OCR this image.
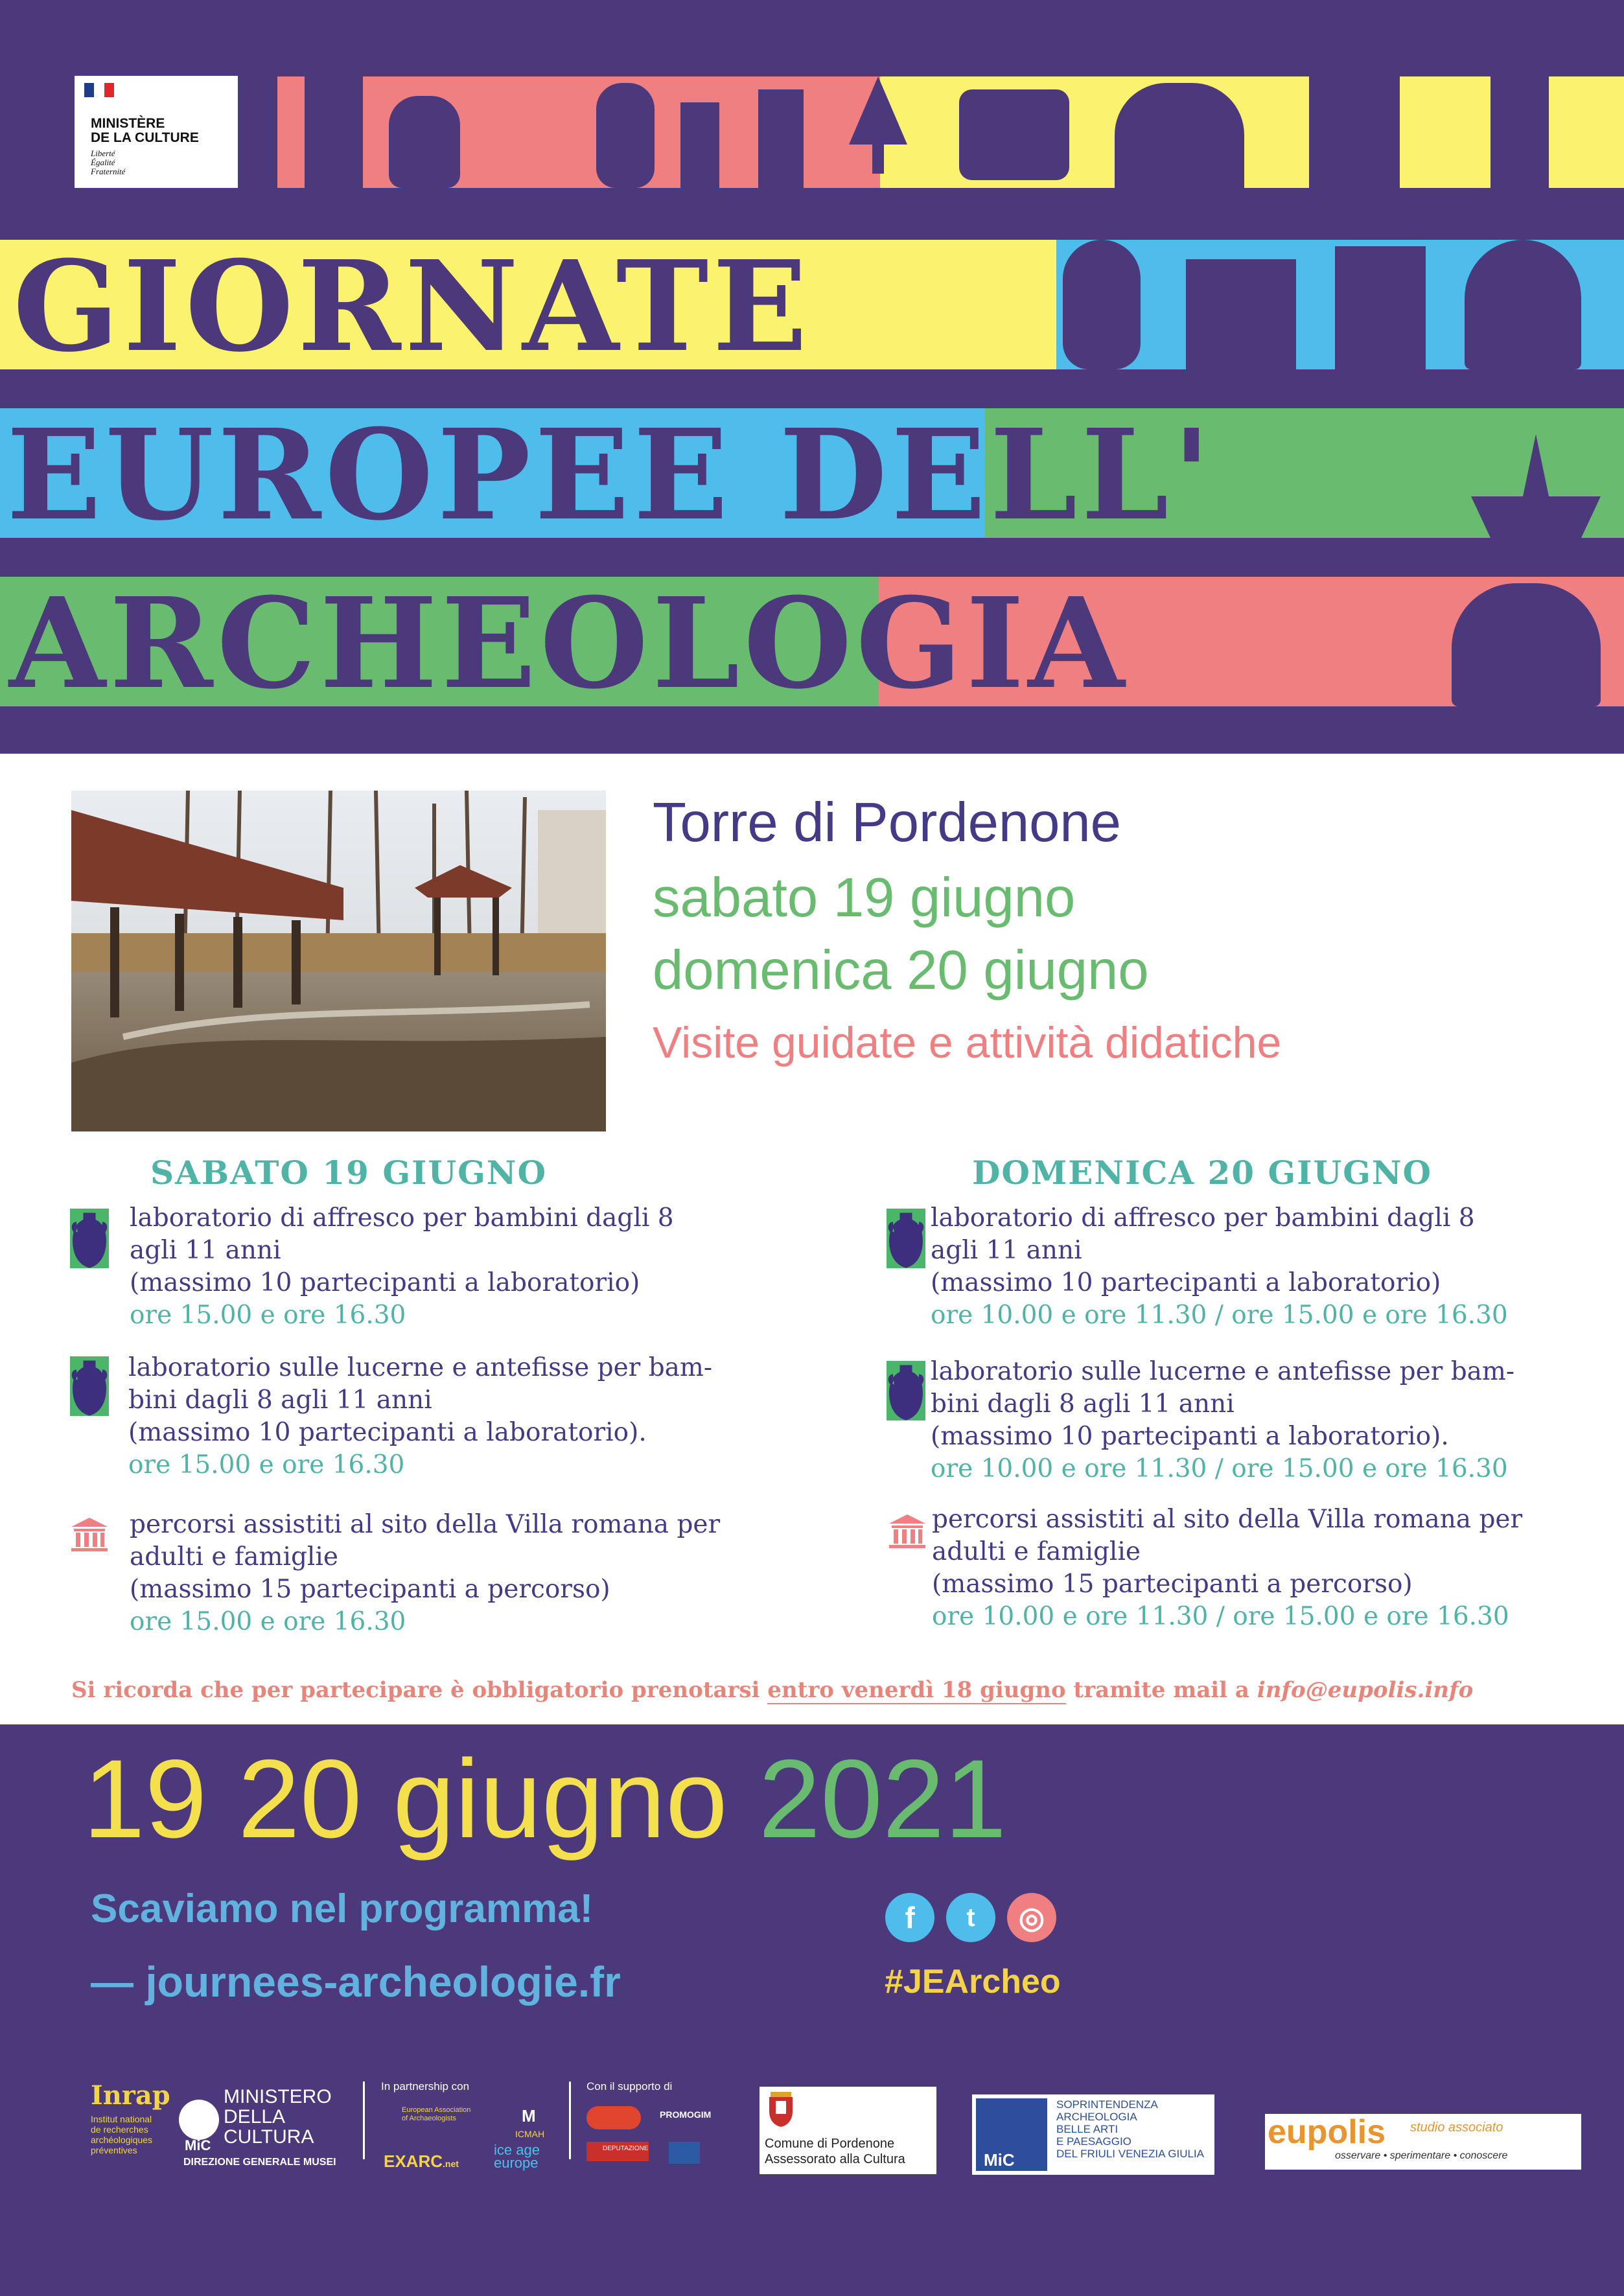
MINISTÈRE
DE LA CULTURE
Liberté
Égalité
Fraternité
GIORNATE
EUROPEE DELL'
ARCHEOLOGIA
Torre di Pordenone
sabato 19 giugno
domenica 20 giugno
Visite guidate e attività didatiche
SABATO 19 GIUGNO	DOMENICA 20 GIUGNO
laboratorio di affresco per bambini dagli 8
agli 11 anni
(massimo 10 partecipanti a laboratorio)
ore 15.00 e ore 16.30
laboratorio sulle lucerne e antefisse per bam-
bini dagli 8 agli 11 anni
(massimo 10 partecipanti a laboratorio).
ore 15.00 e ore 16.30
percorsi assistiti al sito della Villa romana per
adulti e famiglie
(massimo 15 partecipanti a percorso)
ore 15.00 e ore 16.30
laboratorio di affresco per bambini dagli 8
agli 11 anni
(massimo 10 partecipanti a laboratorio)
ore 10.00 e ore 11.30 / ore 15.00 e ore 16.30
laboratorio sulle lucerne e antefisse per bam-
bini dagli 8 agli 11 anni
(massimo 10 partecipanti a laboratorio).
ore 10.00 e ore 11.30 / ore 15.00 e ore 16.30
percorsi assistiti al sito della Villa romana per
adulti e famiglie
(massimo 15 partecipanti a percorso)
ore 10.00 e ore 11.30 / ore 15.00 e ore 16.30
Si ricorda che per partecipare è obbligatorio prenotarsi entro venerdì 18 giugno tramite mail a info@eupolis.info
19 20 giugno 2021
Scaviamo nel programma!
— journees-archeologie.fr
f	t	◎
#JEArcheo
Inrap
Institut national
de recherches
archéologiques
préventives	MiC
MINISTERO
DELLA
CULTURA
DIREZIONE GENERALE MUSEI
In partnership con
European Association of Archaeologists	M
ICMAH
EXARC.net
ice age
europe
Con il supporto di
PROMOGIM
DEPUTAZIONE	Comune di Pordenone
Assessorato alla Cultura	MiC
SOPRINTENDENZA
ARCHEOLOGIA
BELLE ARTI
E PAESAGGIO
DEL FRIULI VENEZIA GIULIA
eupolis studio associato
osservare • sperimentare • conoscere
